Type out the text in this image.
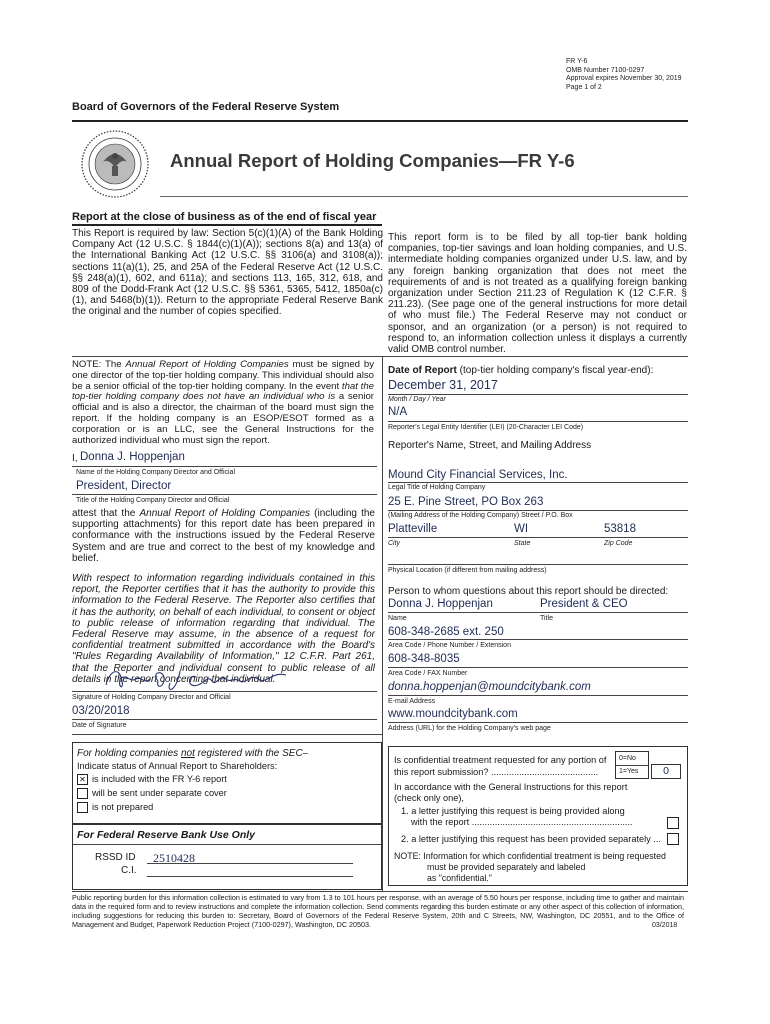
FR Y-6
OMB Number 7100-0297
Approval expires November 30, 2019
Page 1 of 2
Board of Governors of the Federal Reserve System
Annual Report of Holding Companies—FR Y-6
Report at the close of business as of the end of fiscal year
This Report is required by law: Section 5(c)(1)(A) of the Bank Holding Company Act (12 U.S.C. § 1844(c)(1)(A)); sections 8(a) and 13(a) of the International Banking Act (12 U.S.C. §§ 3106(a) and 3108(a)); sections 11(a)(1), 25, and 25A of the Federal Reserve Act (12 U.S.C. §§ 248(a)(1), 602, and 611a); and sections 113, 165, 312, 618, and 809 of the Dodd-Frank Act (12 U.S.C. §§ 5361, 5365, 5412, 1850a(c)(1), and 5468(b)(1)). Return to the appropriate Federal Reserve Bank the original and the number of copies specified.
This report form is to be filed by all top-tier bank holding companies, top-tier savings and loan holding companies, and U.S. intermediate holding companies organized under U.S. law, and by any foreign banking organization that does not meet the requirements of and is not treated as a qualifying foreign banking organization under Section 211.23 of Regulation K (12 C.F.R. § 211.23). (See page one of the general instructions for more detail of who must file.) The Federal Reserve may not conduct or sponsor, and an organization (or a person) is not required to respond to, an information collection unless it displays a currently valid OMB control number.
NOTE: The Annual Report of Holding Companies must be signed by one director of the top-tier holding company. This individual should also be a senior official of the top-tier holding company. In the event that the top-tier holding company does not have an individual who is a senior official and is also a director, the chairman of the board must sign the report. If the holding company is an ESOP/ESOT formed as a corporation or is an LLC, see the General Instructions for the authorized individual who must sign the report.
I, Donna J. Hoppenjan
Name of the Holding Company Director and Official
President, Director
Title of the Holding Company Director and Official
attest that the Annual Report of Holding Companies (including the supporting attachments) for this report date has been prepared in conformance with the instructions issued by the Federal Reserve System and are true and correct to the best of my knowledge and belief.
With respect to information regarding individuals contained in this report, the Reporter certifies that it has the authority to provide this information to the Federal Reserve. The Reporter also certifies that it has the authority, on behalf of each individual, to consent or object to public release of information regarding that individual. The Federal Reserve may assume, in the absence of a request for confidential treatment submitted in accordance with the Board's "Rules Regarding Availability of Information," 12 C.F.R. Part 261, that the Reporter and individual consent to public release of all details in the report concerning that individual.
Signature of Holding Company Director and Official
03/20/2018
Date of Signature
For holding companies not registered with the SEC–
Indicate status of Annual Report to Shareholders:
✕ is included with the FR Y-6 report
will be sent under separate cover
is not prepared
For Federal Reserve Bank Use Only
RSSD ID 2510428
C.I.
Date of Report (top-tier holding company's fiscal year-end):
December 31, 2017
Month / Day / Year
N/A
Reporter's Legal Entity Identifier (LEI) (20-Character LEI Code)
Reporter's Name, Street, and Mailing Address
Mound City Financial Services, Inc.
Legal Title of Holding Company
25 E. Pine Street, PO Box 263
(Mailing Address of the Holding Company) Street / P.O. Box
Platteville	WI	53818
City	State	Zip Code
Physical Location (if different from mailing address)
Person to whom questions about this report should be directed:
Donna J. Hoppenjan	President & CEO
Name	Title
608-348-2685 ext. 250
Area Code / Phone Number / Extension
608-348-8035
Area Code / FAX Number
donna.hoppenjan@moundcitybank.com
E-mail Address
www.moundcitybank.com
Address (URL) for the Holding Company's web page
Is confidential treatment requested for any portion of
this report submission? ..........................................
0=No
1=Yes	0
In accordance with the General Instructions for this report
(check only one),
1. a letter justifying this request is being provided along
with the report ...............................................................
2. a letter justifying this request has been provided separately ...
NOTE: Information for which confidential treatment is being requested
must be provided separately and labeled
as "confidential."
Public reporting burden for this information collection is estimated to vary from 1.3 to 101 hours per response, with an average of 5.50 hours per response, including time to gather and maintain data in the required form and to review instructions and complete the information collection. Send comments regarding this burden estimate or any other aspect of this collection of information, including suggestions for reducing this burden to: Secretary, Board of Governors of the Federal Reserve System, 20th and C Streets, NW, Washington, DC 20551, and to the Office of Management and Budget, Paperwork Reduction Project (7100-0297), Washington, DC 20503.	03/2018
